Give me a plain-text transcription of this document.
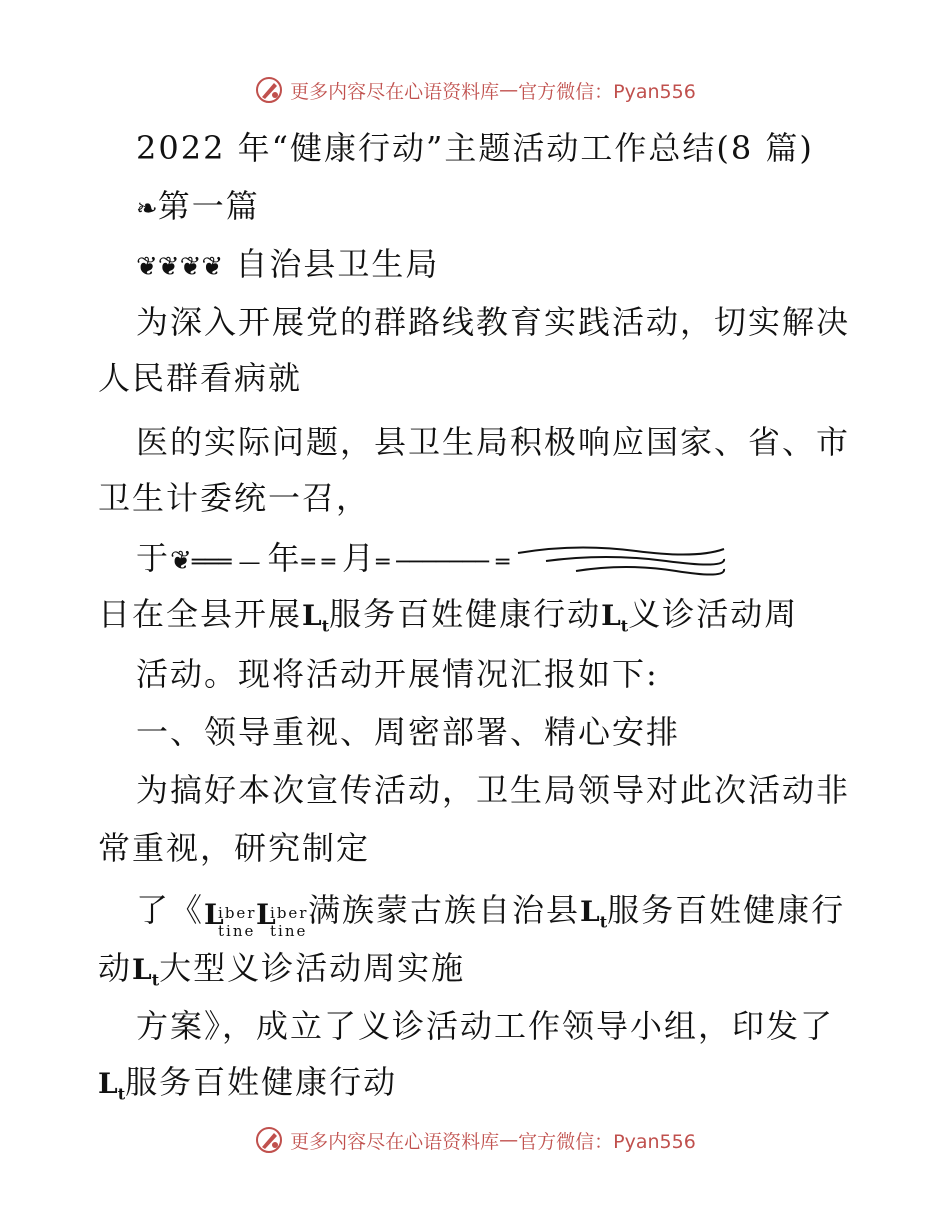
更多内容尽在心语资料库 — 官方微信：Pyan556
2022 年“健康行动”主题活动工作总结(8 篇)
❧第一篇
❦❦❦❦ 自治县卫生局
为深入开展党的群路线教育实践活动，切实解决
人民群看病就
医的实际问题，县卫生局积极响应国家、省、市
卫生计委统一召，
于❦═══ — 年═ ═ 月═ ─────── ═
日在全县开展$L_t$服务百姓健康行动$L_t$义诊活动周
活动。现将活动开展情况汇报如下:
一、领导重视、周密部署、精心安排
为搞好本次宣传活动，卫生局领导对此次活动非
常重视，研究制定
了《 L
iber
tine L
iber
tine
满族蒙古族自治县$L_t$服务百姓健康行
动$L_t$大型义诊活动周实施
方案》，成立了义诊活动工作领导小组，印发了
$L_t$服务百姓健康行动
更多内容尽在心语资料库 — 官方微信：Pyan556
